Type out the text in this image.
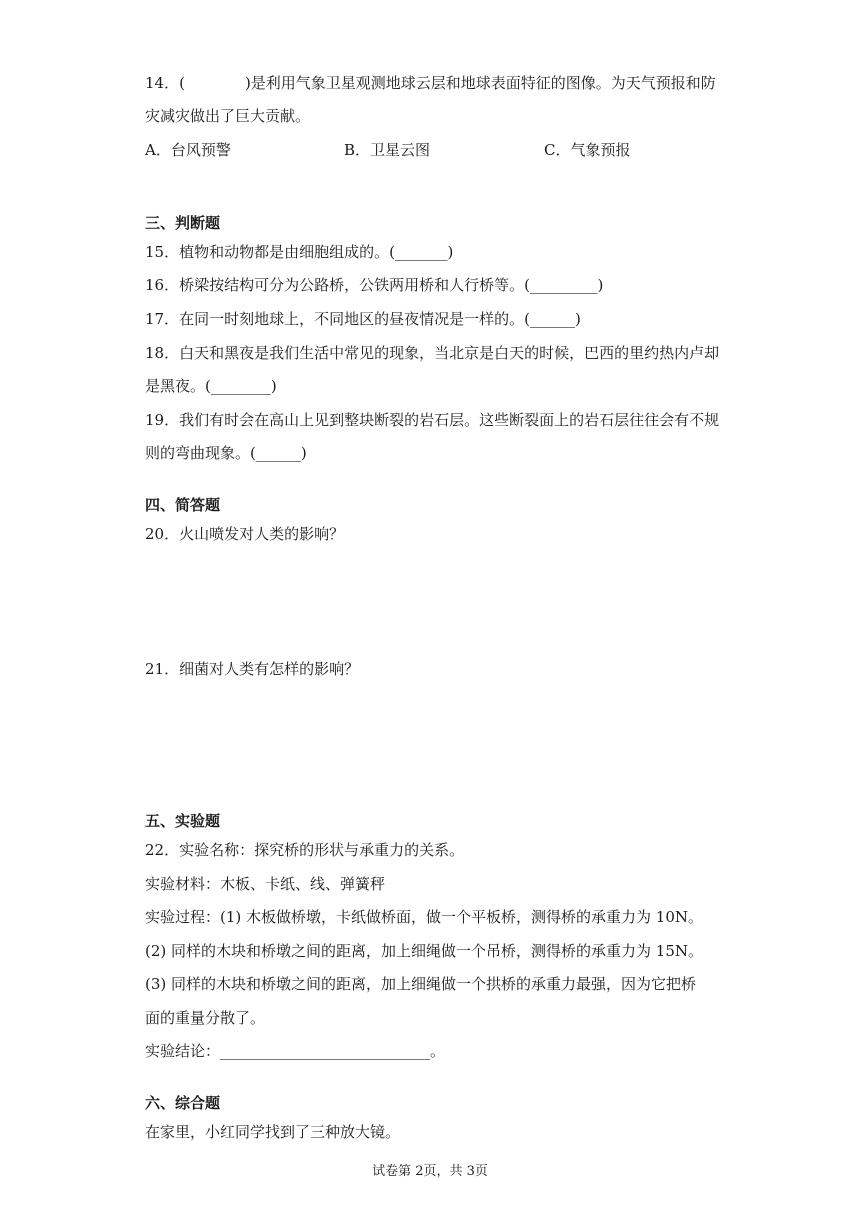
14．(　　　　)是利用气象卫星观测地球云层和地球表面特征的图像。为天气预报和防
灾减灾做出了巨大贡献。
A．台风预警	B．卫星云图	C．气象预报
三、判断题
15．植物和动物都是由细胞组成的。(_______)
16．桥梁按结构可分为公路桥，公铁两用桥和人行桥等。(_________)
17．在同一时刻地球上，不同地区的昼夜情况是一样的。(______)
18．白天和黑夜是我们生活中常见的现象，当北京是白天的时候，巴西的里约热内卢却
是黑夜。(________)
19．我们有时会在高山上见到整块断裂的岩石层。这些断裂面上的岩石层往往会有不规
则的弯曲现象。(______)
四、简答题
20．火山喷发对人类的影响？
21．细菌对人类有怎样的影响？
五、实验题
22．实验名称：探究桥的形状与承重力的关系。
实验材料：木板、卡纸、线、弹簧秤
实验过程：(1) 木板做桥墩，卡纸做桥面，做一个平板桥，测得桥的承重力为 10N。
(2) 同样的木块和桥墩之间的距离，加上细绳做一个吊桥，测得桥的承重力为 15N。
(3) 同样的木块和桥墩之间的距离，加上细绳做一个拱桥的承重力最强，因为它把桥
面的重量分散了。
实验结论：____________________________。
六、综合题
在家里，小红同学找到了三种放大镜。
试卷第 2页，共 3页
